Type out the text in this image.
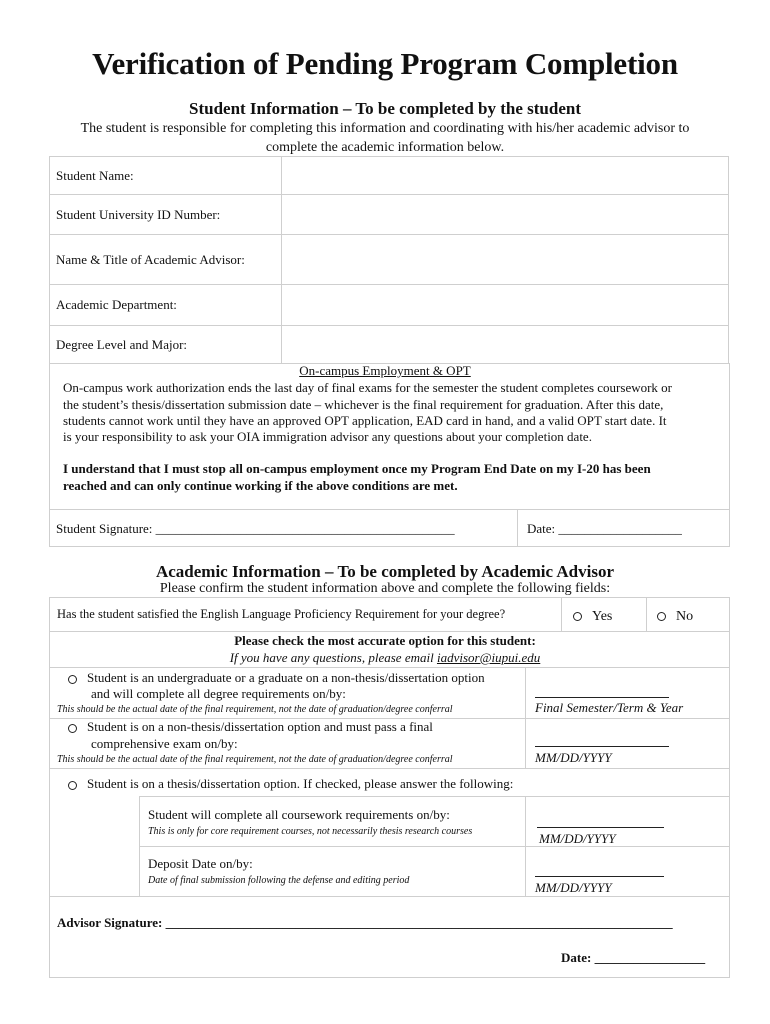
Verification of Pending Program Completion
Student Information – To be completed by the student
The student is responsible for completing this information and coordinating with his/her academic advisor to
complete the academic information below.
Student Name:	
Student University ID Number:	
Name & Title of Academic Advisor:	
Academic Department:	
Degree Level and Major:	
On-campus Employment & OPT
On-campus work authorization ends the last day of final exams for the semester the student completes coursework or
the student’s thesis/dissertation submission date – whichever is the final requirement for graduation. After this date,
students cannot work until they have an approved OPT application, EAD card in hand, and a valid OPT start date. It
is your responsibility to ask your OIA immigration advisor any questions about your completion date.
I understand that I must stop all on-campus employment once my Program End Date on my I-20 has been
reached and can only continue working if the above conditions are met.
Student Signature: ______________________________________________	Date: ___________________
Academic Information – To be completed by Academic Advisor
Please confirm the student information above and complete the following fields:
Has the student satisfied the English Language Proficiency Requirement for your degree?	Yes	No
Please check the most accurate option for this student:
If you have any questions, please email iadvisor@iupui.edu
Student is an undergraduate or a graduate on a non-thesis/dissertation option
and will complete all degree requirements on/by:
This should be the actual date of the final requirement, not the date of graduation/degree conferral	Final Semester/Term & Year
Student is on a non-thesis/dissertation option and must pass a final
comprehensive exam on/by:
This should be the actual date of the final requirement, not the date of graduation/degree conferral	MM/DD/YYYY
Student is on a thesis/dissertation option. If checked, please answer the following:
Student will complete all coursework requirements on/by:
This is only for core requirement courses, not necessarily thesis research courses	MM/DD/YYYY
Deposit Date on/by:
Date of final submission following the defense and editing period	MM/DD/YYYY
Advisor Signature: ______________________________________________________________________________
Date: _________________
